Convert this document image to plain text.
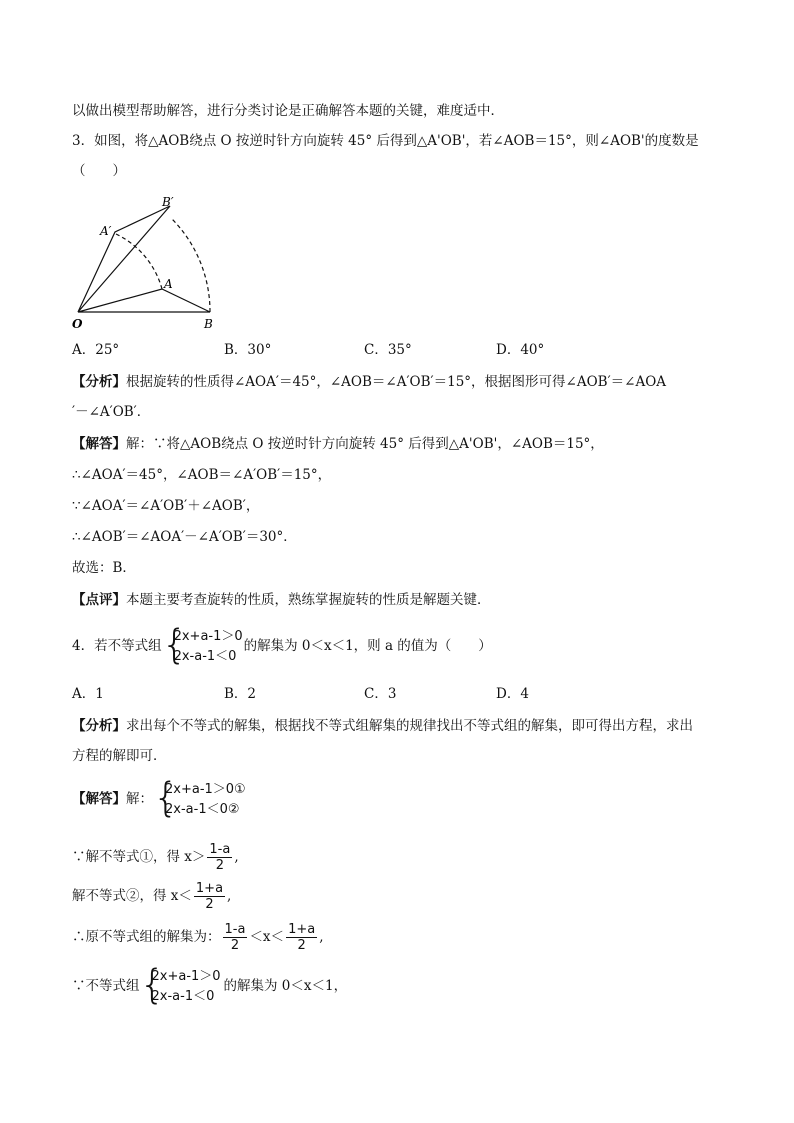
以做出模型帮助解答，进行分类讨论是正确解答本题的关键，难度适中．
3．如图，将△AOB绕点 O 按逆时针方向旋转 45° 后得到△A'OB'，若∠AOB＝15°，则∠AOB'的度数是
（　　）
O	B
A
A′
B′
A．25°	B．30°	C．35°	D．40°
【分析】根据旋转的性质得∠AOA′＝45°，∠AOB＝∠A′OB′＝15°，根据图形可得∠AOB′＝∠AOA
′－∠A′OB′．
【解答】解：∵将△AOB绕点 O 按逆时针方向旋转 45° 后得到△A'OB'，∠AOB＝15°，
∴∠AOA′＝45°，∠AOB＝∠A′OB′＝15°，
∵∠AOA′＝∠A′OB′＋∠AOB′，
∴∠AOB′＝∠AOA′－∠A′OB′＝30°．
故选：B．
【点评】本题主要考查旋转的性质，熟练掌握旋转的性质是解题关键．
4．若不等式组 {
2x+a-1＞0
2x-a-1＜0
的解集为 0＜x＜1，则 a 的值为（　　）
A．1	B．2	C．3	D．4
【分析】求出每个不等式的解集，根据找不等式组解集的规律找出不等式组的解集，即可得出方程，求出
方程的解即可．
【解答】解： {
2x+a-1＞0①
2x-a-1＜0②
∵解不等式①，得 $x> \frac{1-a}{2}$ ,
解不等式②，得 $x< \frac{1+a}{2}$ ,
∴原不等式组的解集为： $\frac{1-a}{2} <x< \frac{1+a}{2}$ ,
∵不等式组 {
2x+a-1＞0
2x-a-1＜0
的解集为 0＜x＜1，
